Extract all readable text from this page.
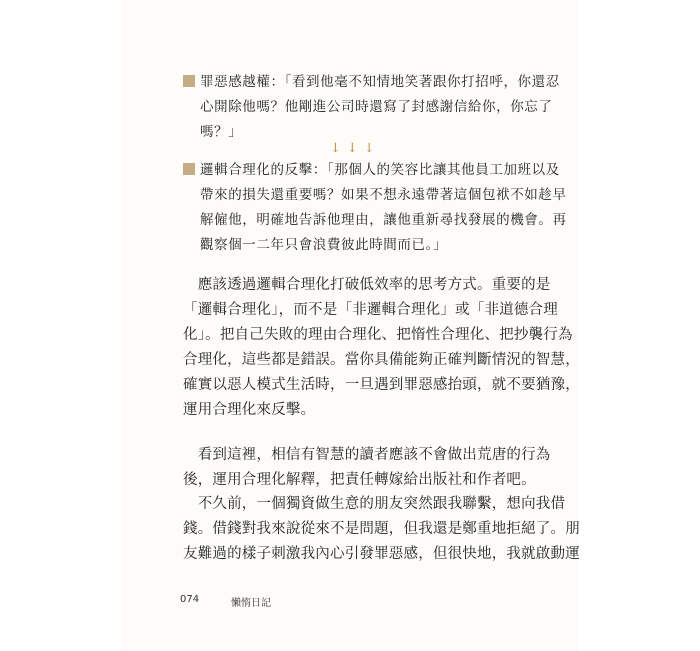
罪惡感越權：「看到他毫不知情地笑著跟你打招呼，你還忍
心開除他嗎？他剛進公司時還寫了封感謝信給你，你忘了
嗎？」
↓↓↓
邏輯合理化的反擊：「那個人的笑容比讓其他員工加班以及
帶來的損失還重要嗎？如果不想永遠帶著這個包袱不如趁早
解僱他，明確地告訴他理由，讓他重新尋找發展的機會。再
觀察個一二年只會浪費彼此時間而已。」
　應該透過邏輯合理化打破低效率的思考方式。重要的是
「邏輯合理化」，而不是「非邏輯合理化」或「非道德合理
化」。把自己失敗的理由合理化、把惰性合理化、把抄襲行為
合理化，這些都是錯誤。當你具備能夠正確判斷情況的智慧，
確實以惡人模式生活時，一旦遇到罪惡感抬頭，就不要猶豫，
運用合理化來反擊。
　看到這裡，相信有智慧的讀者應該不會做出荒唐的行為
後，運用合理化解釋，把責任轉嫁給出版社和作者吧。
　不久前，一個獨資做生意的朋友突然跟我聯繫，想向我借
錢。借錢對我來說從來不是問題，但我還是鄭重地拒絕了。朋
友難過的樣子刺激我內心引發罪惡感，但很快地，我就啟動運
074	懶惰日記
